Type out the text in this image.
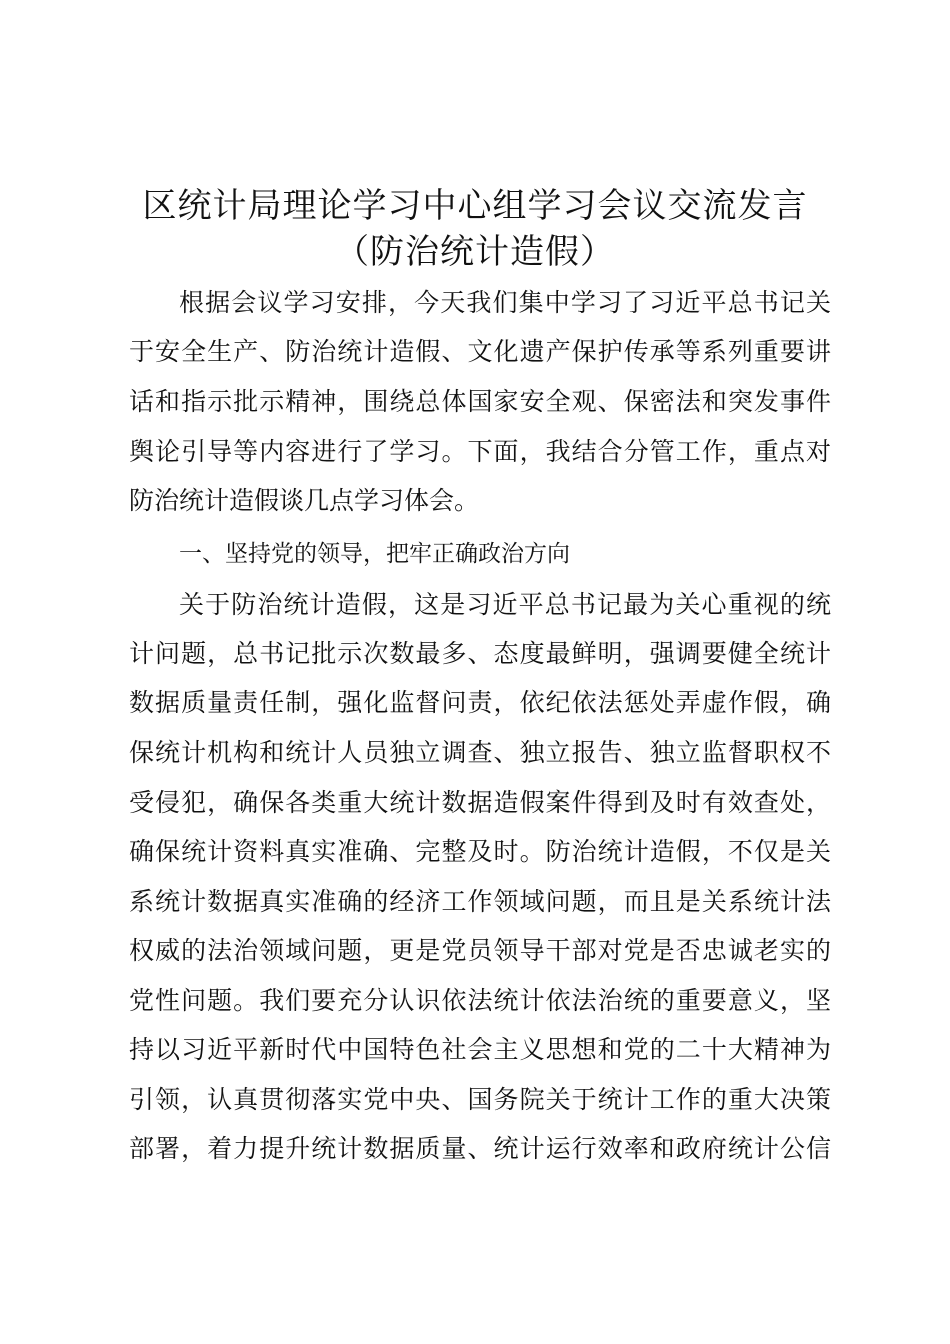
区统计局理论学习中心组学习会议交流发言
（防治统计造假）
根据会议学习安排，今天我们集中学习了习近平总书记关
于安全生产、防治统计造假、文化遗产保护传承等系列重要讲
话和指示批示精神，围绕总体国家安全观、保密法和突发事件
舆论引导等内容进行了学习。下面，我结合分管工作，重点对
防治统计造假谈几点学习体会。
一、坚持党的领导，把牢正确政治方向
关于防治统计造假，这是习近平总书记最为关心重视的统
计问题，总书记批示次数最多、态度最鲜明，强调要健全统计
数据质量责任制，强化监督问责，依纪依法惩处弄虚作假，确
保统计机构和统计人员独立调查、独立报告、独立监督职权不
受侵犯，确保各类重大统计数据造假案件得到及时有效查处，
确保统计资料真实准确、完整及时。防治统计造假，不仅是关
系统计数据真实准确的经济工作领域问题，而且是关系统计法
权威的法治领域问题，更是党员领导干部对党是否忠诚老实的
党性问题。我们要充分认识依法统计依法治统的重要意义，坚
持以习近平新时代中国特色社会主义思想和党的二十大精神为
引领，认真贯彻落实党中央、国务院关于统计工作的重大决策
部署，着力提升统计数据质量、统计运行效率和政府统计公信
